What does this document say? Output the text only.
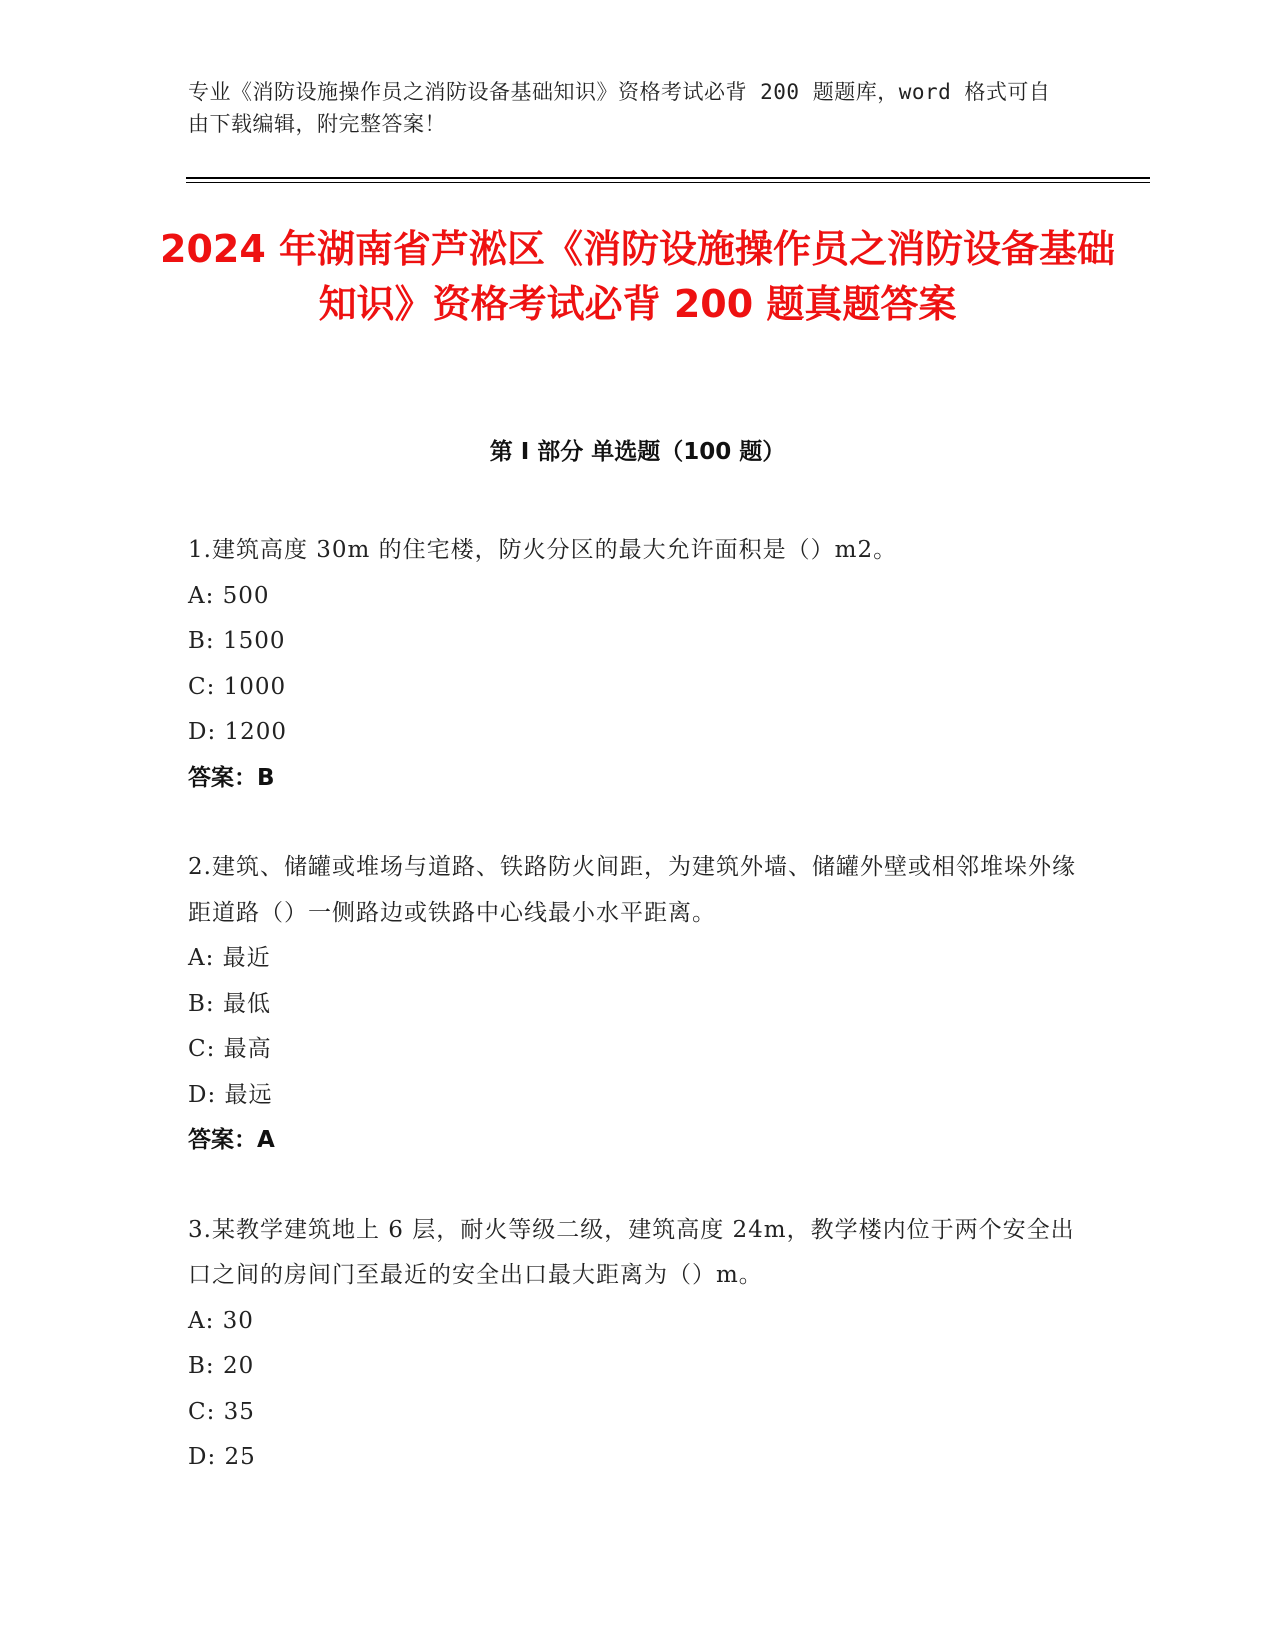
专业《消防设施操作员之消防设备基础知识》资格考试必背 200 题题库，word 格式可自由下载编辑，附完整答案！
2024 年湖南省芦淞区《消防设施操作员之消防设备基础知识》资格考试必背 200 题真题答案
第 I 部分 单选题（100 题）
1.建筑高度 30m 的住宅楼，防火分区的最大允许面积是（）m2。
A: 500
B: 1500
C: 1000
D: 1200
答案：B
2.建筑、储罐或堆场与道路、铁路防火间距，为建筑外墙、储罐外壁或相邻堆垛外缘距道路（）一侧路边或铁路中心线最小水平距离。
A: 最近
B: 最低
C: 最高
D: 最远
答案：A
3.某教学建筑地上 6 层，耐火等级二级，建筑高度 24m，教学楼内位于两个安全出口之间的房间门至最近的安全出口最大距离为（）m。
A: 30
B: 20
C: 35
D: 25
